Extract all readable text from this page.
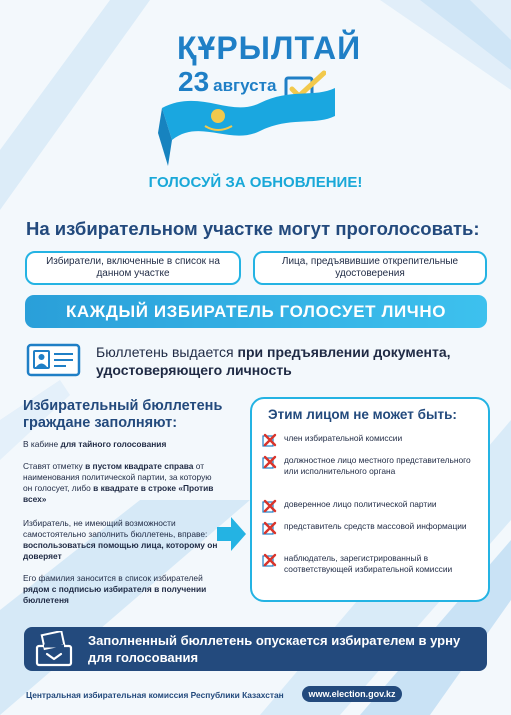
ҚҰРЫЛТАЙ
23 августа
ГОЛОСУЙ ЗА ОБНОВЛЕНИЕ!
На избирательном участке могут проголосовать:
Избиратели, включенные в список на данном участке
Лица, предъявившие открепительные удостоверения
КАЖДЫЙ ИЗБИРАТЕЛЬ ГОЛОСУЕТ ЛИЧНО
Бюллетень выдается при предъявлении документа, удостоверяющего личность
Избирательный бюллетень граждане заполняют:
В кабине для тайного голосования
Ставят отметку в пустом квадрате справа от наименования политической партии, за которую он голосует, либо в квадрате в строке «Против всех»
Избиратель, не имеющий возможности самостоятельно заполнить бюллетень, вправе: воспользоваться помощью лица, которому он доверяет
Его фамилия заносится в список избирателей рядом с подписью избирателя в получении бюллетеня
Этим лицом не может быть:
член избирательной комиссии
должностное лицо местного представительного или исполнительного органа
доверенное лицо политической партии
представитель средств массовой информации
наблюдатель, зарегистрированный в соответствующей избирательной комиссии
Заполненный бюллетень опускается избирателем в урну для голосования
Центральная избирательная комиссия Республики Казахстан	www.election.gov.kz
